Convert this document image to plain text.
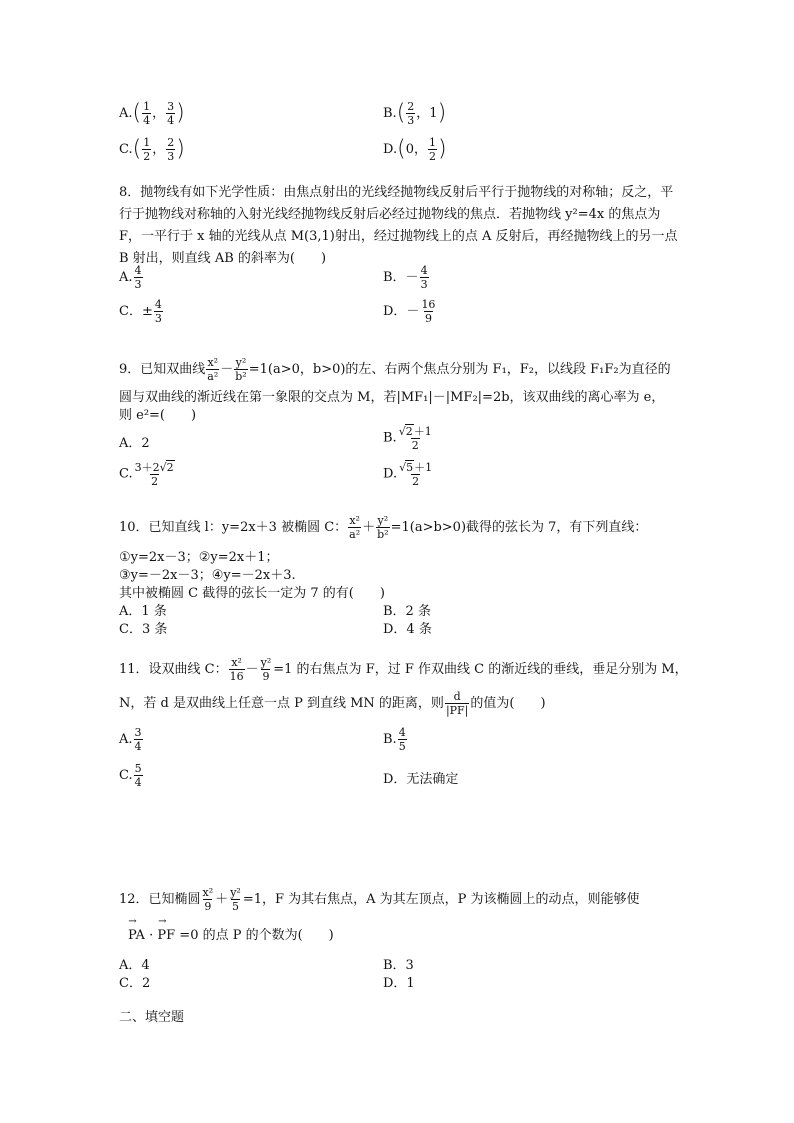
$A.( \frac{1}{4}$ ， $\frac{3}{4}$ )	$B.( \frac{2}{3}$ ，1)
$C.( \frac{1}{2}$ ， $\frac{2}{3}$ )	D.(0， $\frac{1}{2}$ )
8．抛物线有如下光学性质：由焦点射出的光线经抛物线反射后平行于抛物线的对称轴；反之，平行于抛物线对称轴的入射光线经抛物线反射后必经过抛物线的焦点．若抛物线 y²=4x 的焦点为 F，一平行于 x 轴的光线从点 M(3,1)射出，经过抛物线上的点 A 反射后，再经抛物线上的另一点 B 射出，则直线 AB 的斜率为(　　)
A. $\frac{4}{3}$	B．－ $\frac{4}{3}$
C．± $\frac{4}{3}$	D．－ $\frac{16}{9}$
9．已知双曲线 $\frac{\text{x²}}{\text{a²}} - \frac{\text{y²}}{\text{b²}} =1(a>0$，b>0)的左、右两个焦点分别为 F₁，F₂，以线段 F₁F₂为直径的
圆与双曲线的渐近线在第一象限的交点为 M，若|MF₁|－|MF₂|=2b，该双曲线的离心率为 e，
则 e²=(　　)
A．2	B. $\frac{√2+1}{2}$
C. $\frac{3+2√2}{2}$	D. $\frac{√5+1}{2}$
10．已知直线 l：y=2x＋3 被椭圆 C： $\frac{\text{x²}}{\text{a²}} + \frac{\text{y²}}{\text{b²}} =1(a>b>0)$截得的弦长为 7，有下列直线：
①y=2x－3；②y=2x＋1；
③y=－2x－3；④y=－2x＋3.
其中被椭圆 C 截得的弦长一定为 7 的有(　　)
A．1 条	B．2 条
C．3 条	D．4 条
11．设双曲线 C： $\frac{\text{x²}}{16} - \frac{\text{y²}}{9} =1$ 的右焦点为 F，过 F 作双曲线 C 的渐近线的垂线，垂足分别为 M，
N，若 d 是双曲线上任意一点 P 到直线 MN 的距离，则 $\frac{d}{|PF|}$ 的值为(　　)
A. $\frac{3}{4}$	B. $\frac{4}{5}$
C. $\frac{5}{4}$	D．无法确定
12．已知椭圆 $\frac{\text{x²}}{9} + \frac{\text{y²}}{5} =1$，F 为其右焦点，A 为其左顶点，P 为该椭圆上的动点，则能够使
→ PA · → PF =0 的点 P 的个数为(　　)
A．4	B．3
C．2	D．1
二、填空题
